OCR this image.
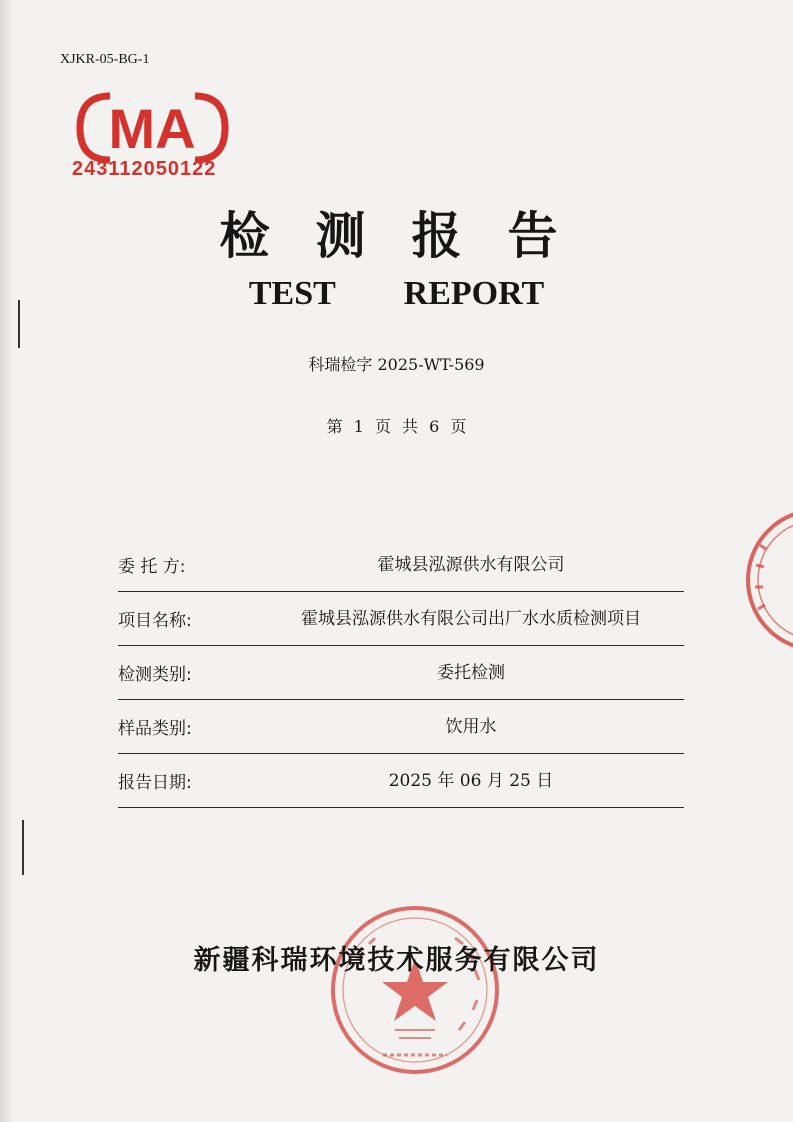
XJKR-05-BG-1
MA
243112050122
检测报告
TEST REPORT
科瑞检字 2025-WT-569
第 1 页 共 6 页
委 托 方:	霍城县泓源供水有限公司
项目名称:	霍城县泓源供水有限公司出厂水水质检测项目
检测类别:	委托检测
样品类别:	饮用水
报告日期:	2025 年 06 月 25 日
新疆科瑞环境技术服务有限公司
